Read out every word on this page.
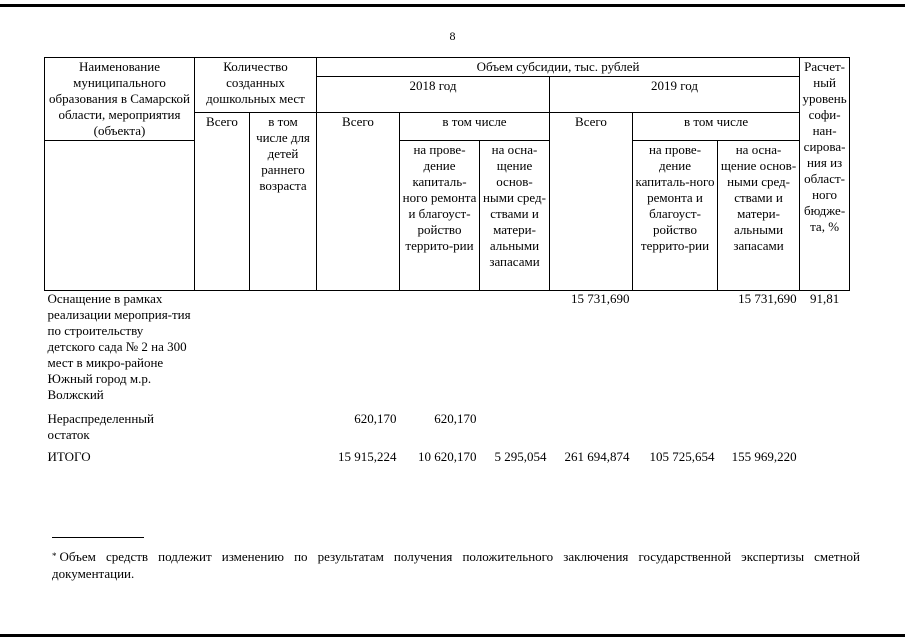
8
Наименование муниципального образования в Самарской области, мероприятия (объекта)	Количество созданных дошкольных мест		Объем субсидии, тыс. рублей						Расчет-ный уровень софи-нан-сирова-ния из област-ного бюдже-та, %
			2018 год			2019 год			
	Всего	в том числе для детей раннего возраста	Всего	в том числе		Всего	в том числе		
				на прове-дение капиталь-ного ремонта и благоуст-ройство террито-рии	на осна-щение основ-ными сред-ствами и матери-альными запасами		на прове-дение капиталь-ного ремонта и благоуст-ройство террито-рии	на осна-щение основ-ными сред-ствами и матери-альными запасами	
Оснащение в рамках реализации мероприя-тия по строительству детского сада № 2 на 300 мест в микро-районе Южный город м.р. Волжский						15 731,690		15 731,690	91,81
Нераспределенный остаток			620,170	620,170					
ИТОГО			15 915,224	10 620,170	5 295,054	261 694,874	105 725,654	155 969,220	
* Объем средств подлежит изменению по результатам получения положительного заключения государственной экспертизы сметной документации.
